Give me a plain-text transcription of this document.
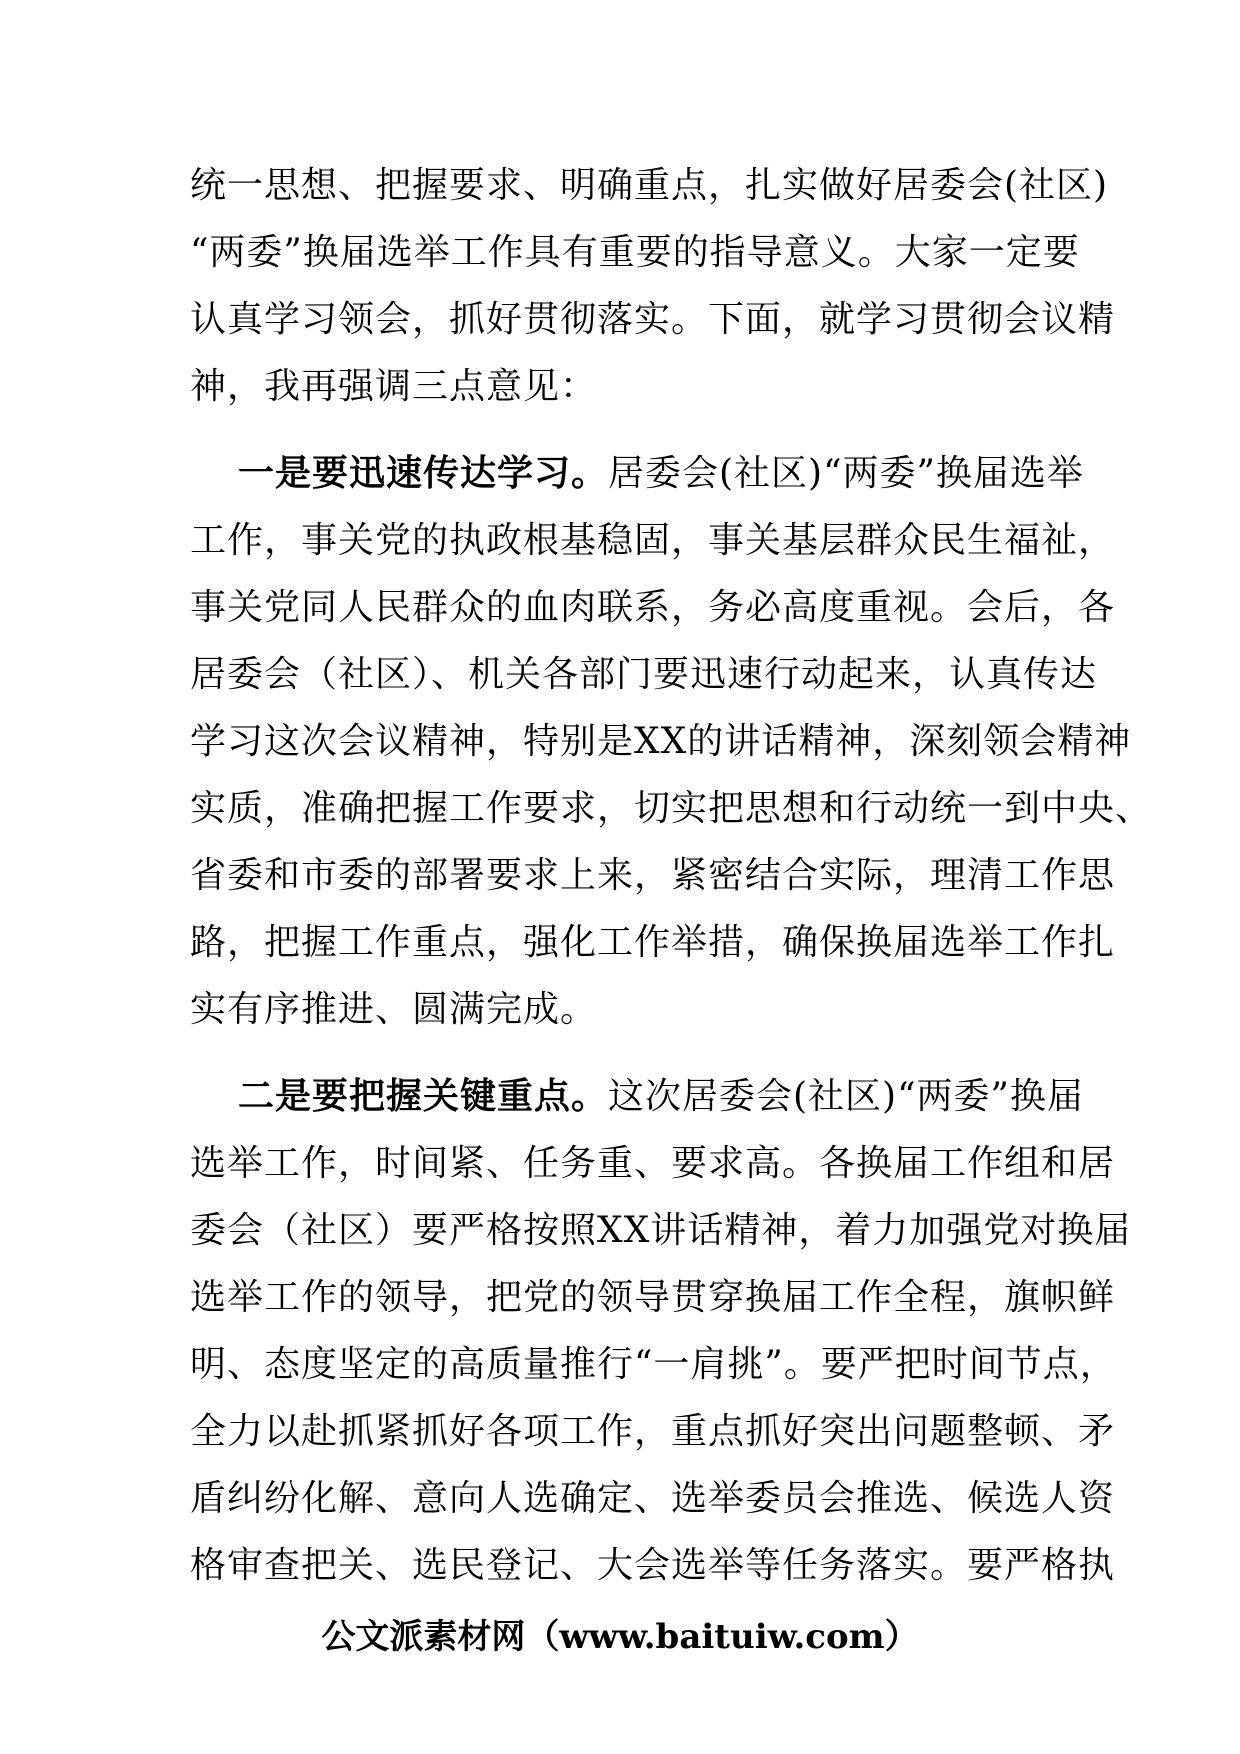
统一思想、把握要求、明确重点，扎实做好居委会(社区)
“两委”换届选举工作具有重要的指导意义。大家一定要
认真学习领会，抓好贯彻落实。下面，就学习贯彻会议精
神，我再强调三点意见：
一是要迅速传达学习。居委会(社区)“两委”换届选举
工作，事关党的执政根基稳固，事关基层群众民生福祉，
事关党同人民群众的血肉联系，务必高度重视。会后，各
居委会（社区）、机关各部门要迅速行动起来，认真传达
学习这次会议精神，特别是XX的讲话精神，深刻领会精神
实质，准确把握工作要求，切实把思想和行动统一到中央、
省委和市委的部署要求上来，紧密结合实际，理清工作思
路，把握工作重点，强化工作举措，确保换届选举工作扎
实有序推进、圆满完成。
二是要把握关键重点。这次居委会(社区)“两委”换届
选举工作，时间紧、任务重、要求高。各换届工作组和居
委会（社区）要严格按照XX讲话精神，着力加强党对换届
选举工作的领导，把党的领导贯穿换届工作全程，旗帜鲜
明、态度坚定的高质量推行“一肩挑”。要严把时间节点，
全力以赴抓紧抓好各项工作，重点抓好突出问题整顿、矛
盾纠纷化解、意向人选确定、选举委员会推选、候选人资
格审查把关、选民登记、大会选举等任务落实。要严格执
公文派素材网（www.baituiw.com）
